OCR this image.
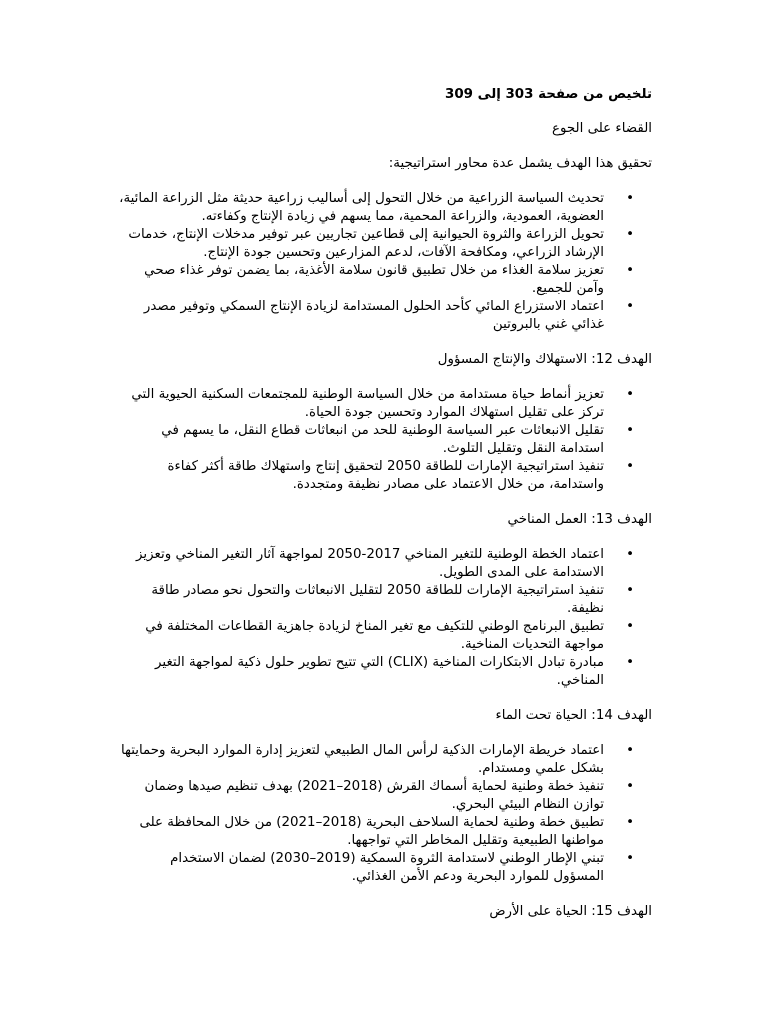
تلخيص من صفحة 303 إلى 309
القضاء على الجوع
تحقيق هذا الهدف يشمل عدة محاور استراتيجية:
•
تحديث السياسة الزراعية من خلال التحول إلى أساليب زراعية حديثة مثل الزراعة المائية، العضوية، العمودية، والزراعة المحمية، مما يسهم في زيادة الإنتاج وكفاءته.
•
تحويل الزراعة والثروة الحيوانية إلى قطاعين تجاريين عبر توفير مدخلات الإنتاج، خدمات الإرشاد الزراعي، ومكافحة الآفات، لدعم المزارعين وتحسين جودة الإنتاج.
•
تعزيز سلامة الغذاء من خلال تطبيق قانون سلامة الأغذية، بما يضمن توفر غذاء صحي وآمن للجميع.
•
اعتماد الاستزراع المائي كأحد الحلول المستدامة لزيادة الإنتاج السمكي وتوفير مصدر غذائي غني بالبروتين
الهدف 12: الاستهلاك والإنتاج المسؤول
•
تعزيز أنماط حياة مستدامة من خلال السياسة الوطنية للمجتمعات السكنية الحيوية التي تركز على تقليل استهلاك الموارد وتحسين جودة الحياة.
•
تقليل الانبعاثات عبر السياسة الوطنية للحد من انبعاثات قطاع النقل، ما يسهم في استدامة النقل وتقليل التلوث.
•
تنفيذ استراتيجية الإمارات للطاقة 2050 لتحقيق إنتاج واستهلاك طاقة أكثر كفاءة واستدامة، من خلال الاعتماد على مصادر نظيفة ومتجددة.
الهدف 13: العمل المناخي
•
اعتماد الخطة الوطنية للتغير المناخي 2017-2050 لمواجهة آثار التغير المناخي وتعزيز الاستدامة على المدى الطويل.
•
تنفيذ استراتيجية الإمارات للطاقة 2050 لتقليل الانبعاثات والتحول نحو مصادر طاقة نظيفة.
•
تطبيق البرنامج الوطني للتكيف مع تغير المناخ لزيادة جاهزية القطاعات المختلفة في مواجهة التحديات المناخية.
•
مبادرة تبادل الابتكارات المناخية (CLIX) التي تتيح تطوير حلول ذكية لمواجهة التغير المناخي.
الهدف 14: الحياة تحت الماء
•
اعتماد خريطة الإمارات الذكية لرأس المال الطبيعي لتعزيز إدارة الموارد البحرية وحمايتها بشكل علمي ومستدام.
•
تنفيذ خطة وطنية لحماية أسماك القرش (2018–2021) بهدف تنظيم صيدها وضمان توازن النظام البيئي البحري.
•
تطبيق خطة وطنية لحماية السلاحف البحرية (2018–2021) من خلال المحافظة على مواطنها الطبيعية وتقليل المخاطر التي تواجهها.
•
تبني الإطار الوطني لاستدامة الثروة السمكية (2019–2030) لضمان الاستخدام المسؤول للموارد البحرية ودعم الأمن الغذائي.
الهدف 15: الحياة على الأرض
